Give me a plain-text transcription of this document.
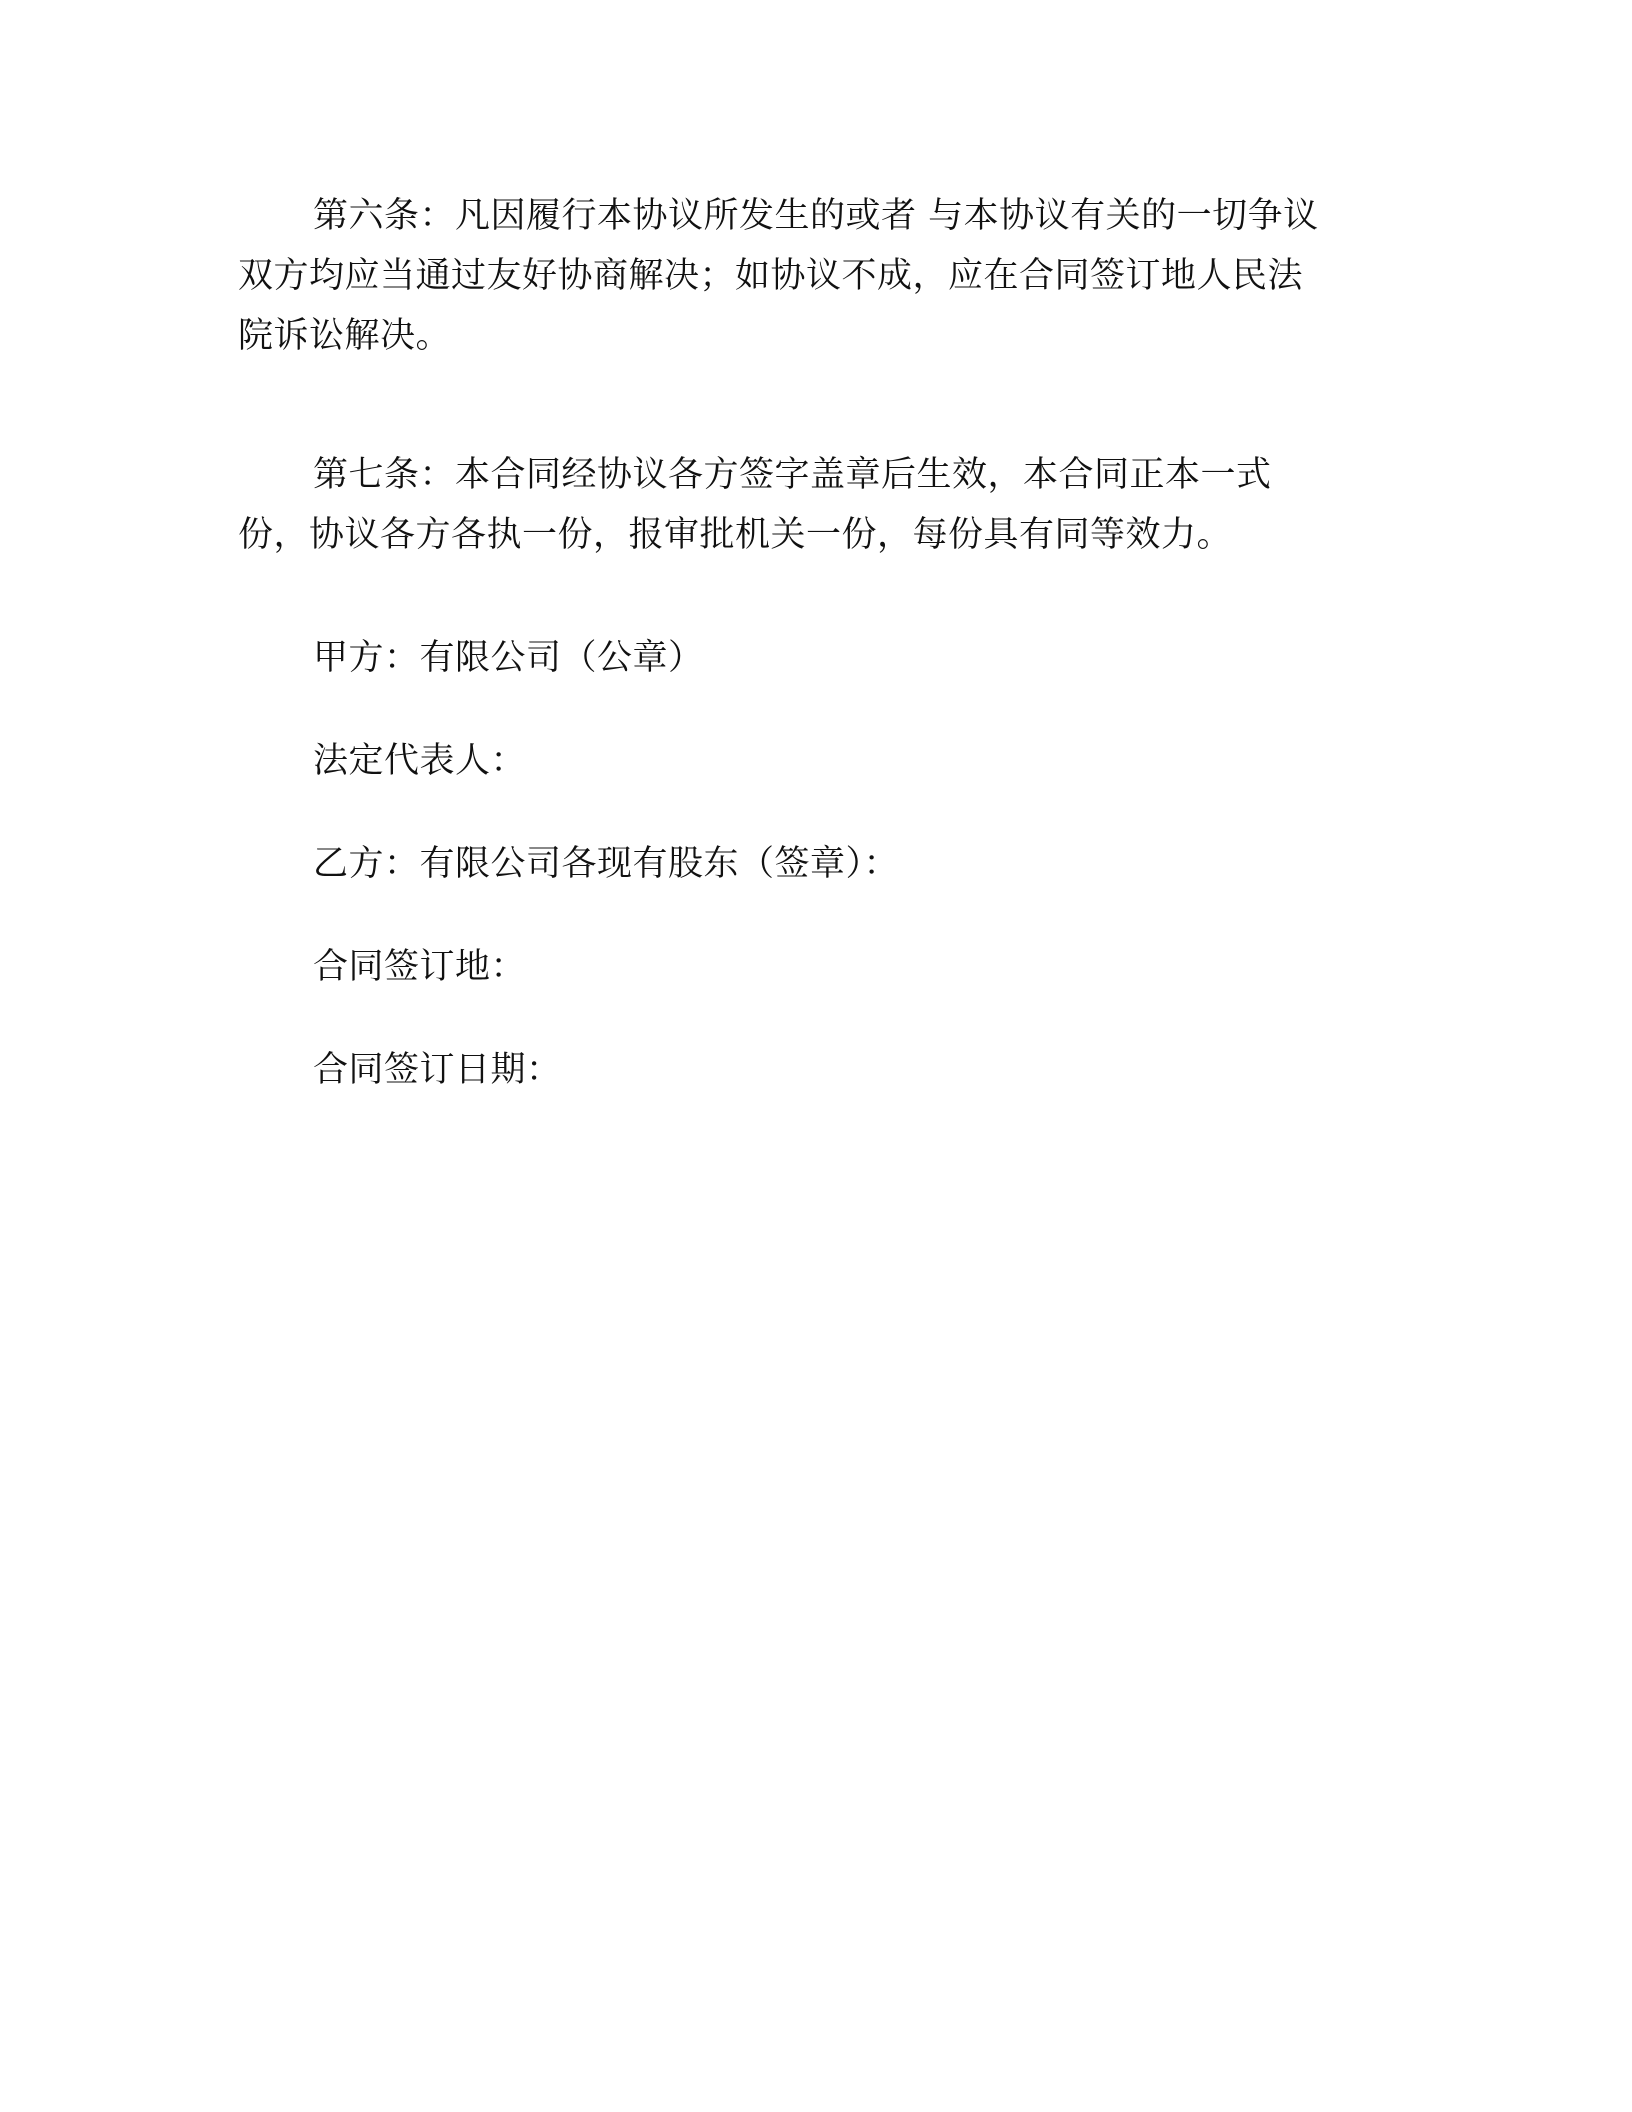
第六条：凡因履行本协议所发生的或者 与本协议有关的一切争议
双方均应当通过友好协商解决；如协议不成，应在合同签订地人民法
院诉讼解决。
第七条：本合同经协议各方签字盖章后生效，本合同正本一式
份，协议各方各执一份，报审批机关一份，每份具有同等效力。

甲方：有限公司（公章）

法定代表人：

乙方：有限公司各现有股东（签章）：

合同签订地：

合同签订日期：
